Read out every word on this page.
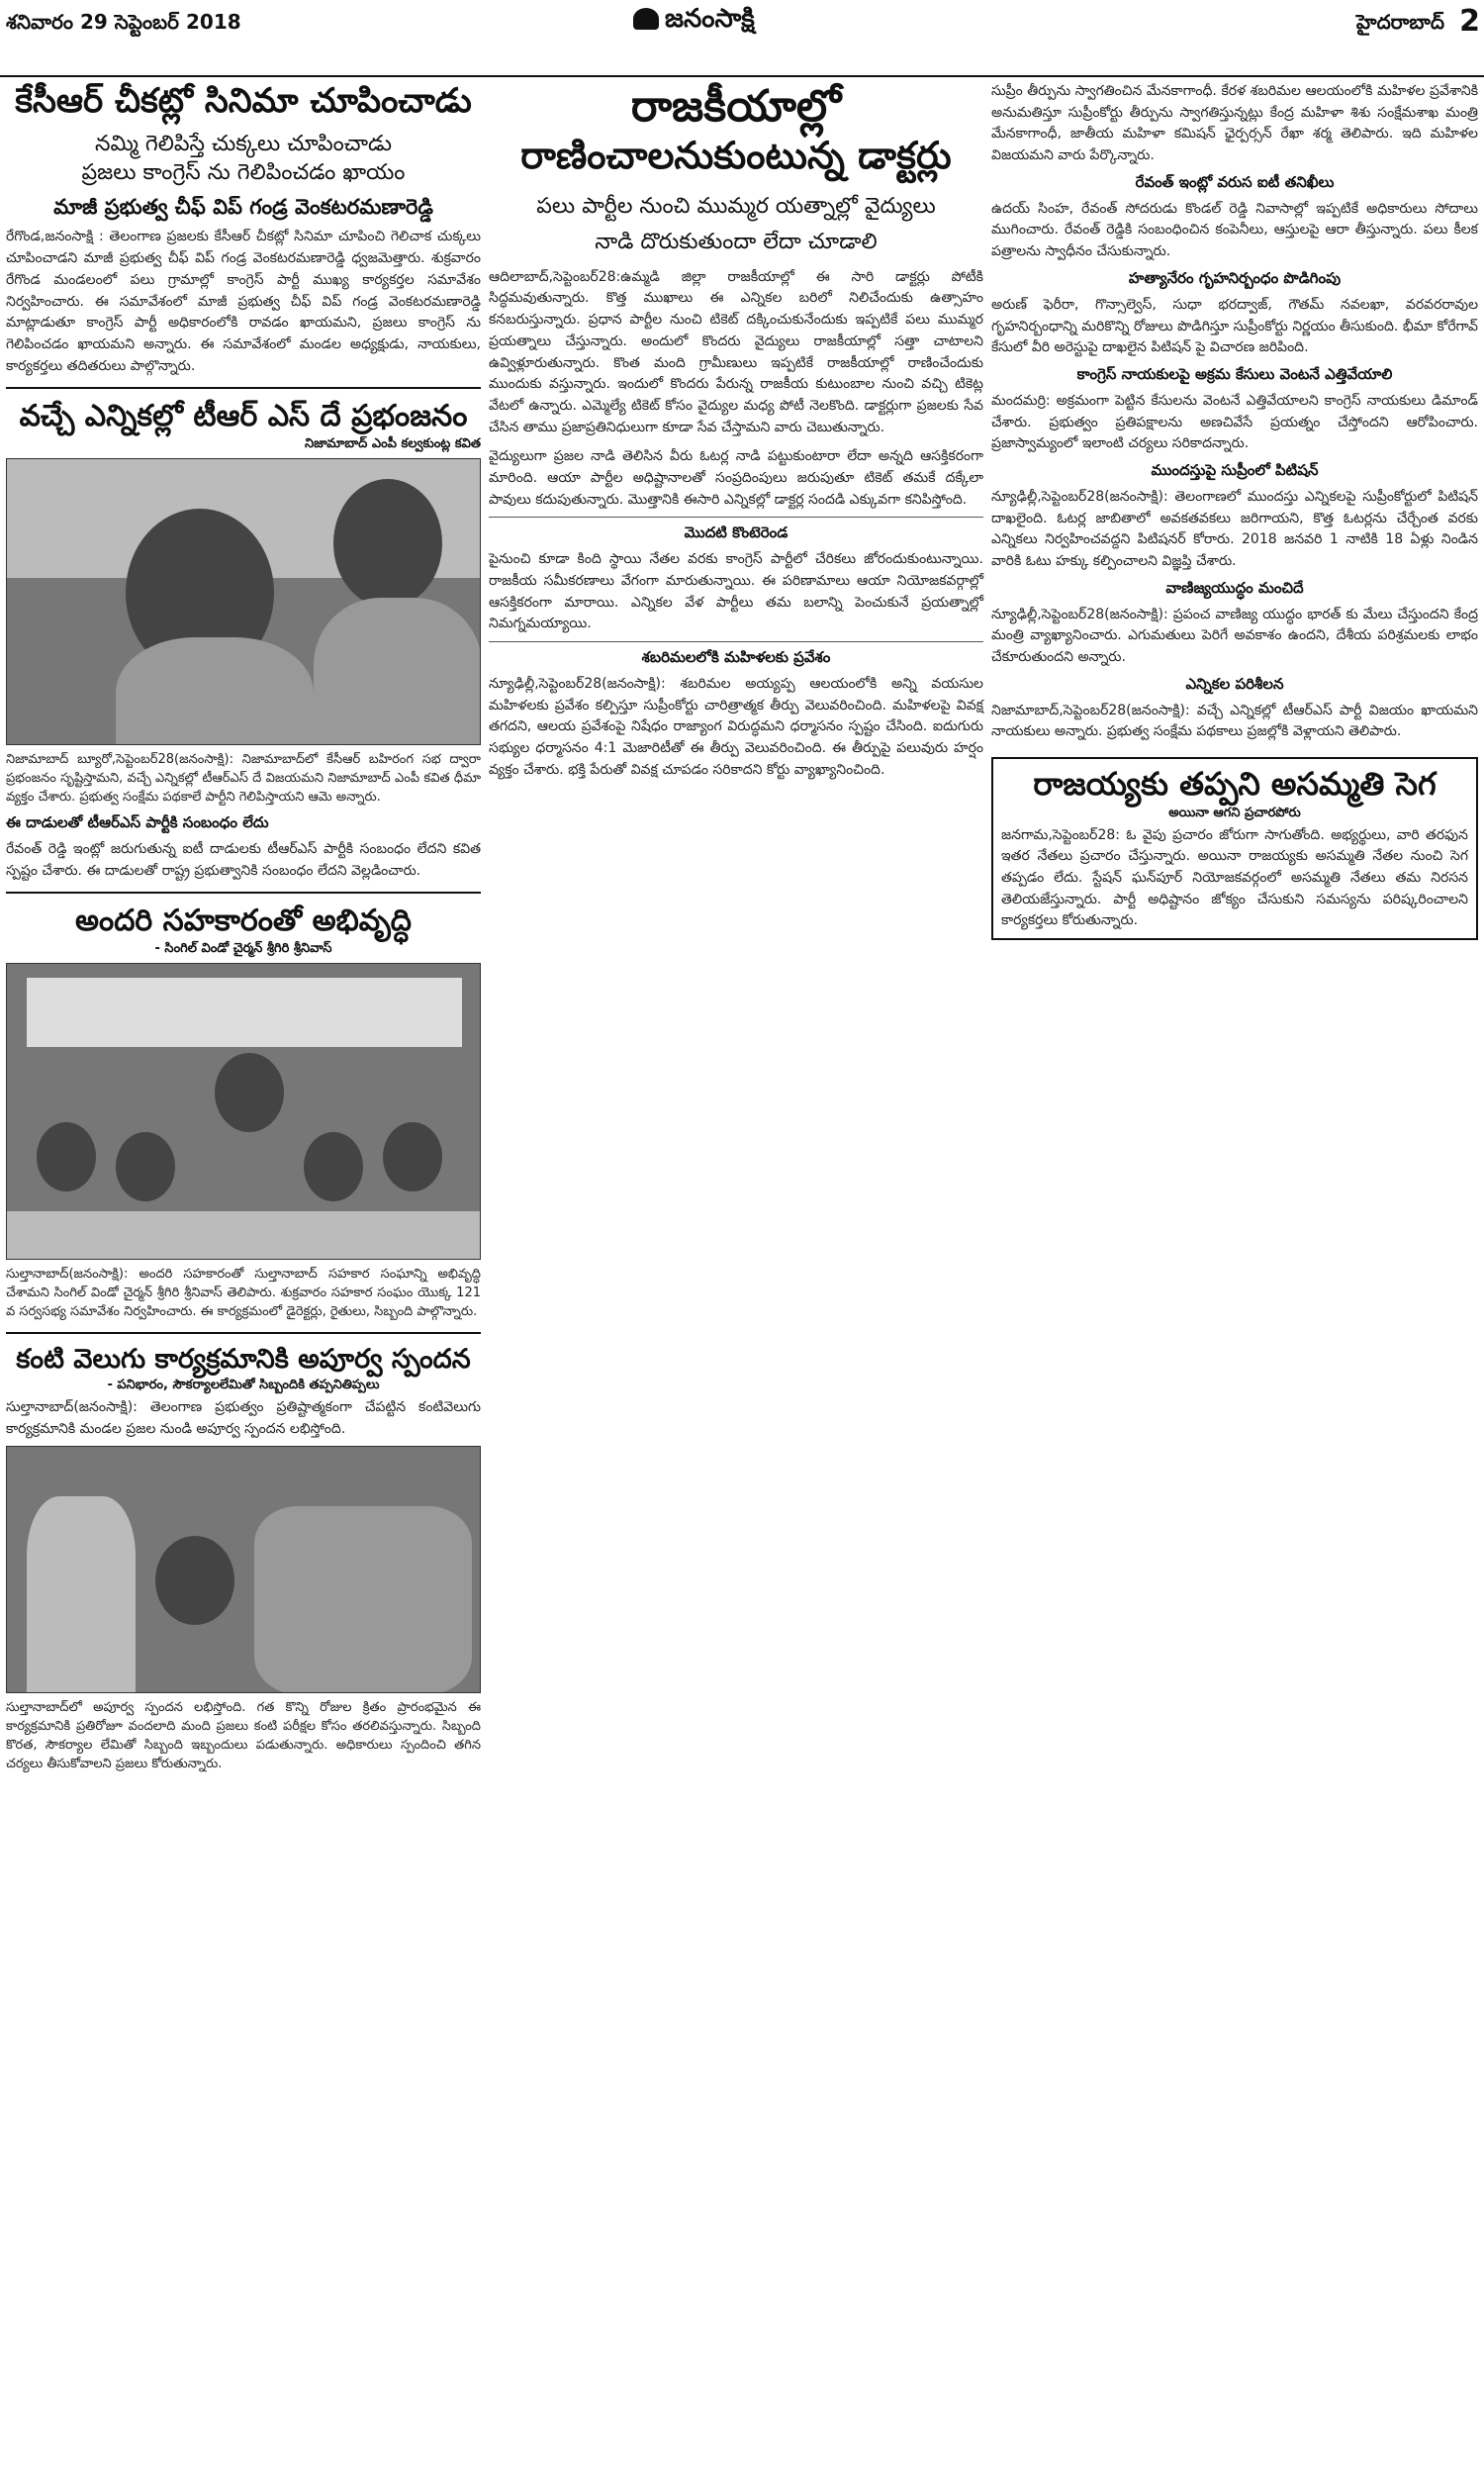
శనివారం 29 సెప్టెంబర్ 2018	జనంసాక్షి	హైదరాబాద్ 2
కేసీఆర్ చీకట్లో సినిమా చూపించాడు
నమ్మి గెలిపిస్తే చుక్కలు చూపించాడు
ప్రజలు కాంగ్రెస్ ను గెలిపించడం ఖాయం
మాజీ ప్రభుత్వ చీఫ్ విప్ గండ్ర వెంకటరమణారెడ్డి
రేగొండ,జనంసాక్షి : తెలంగాణ ప్రజలకు కేసీఆర్ చీకట్లో సినిమా చూపించి గెలిచాక చుక్కలు చూపించాడని మాజీ ప్రభుత్వ చీఫ్ విప్ గండ్ర వెంకటరమణారెడ్డి ధ్వజమెత్తారు. శుక్రవారం రేగొండ మండలంలో పలు గ్రామాల్లో కాంగ్రెస్ పార్టీ ముఖ్య కార్యకర్తల సమావేశం నిర్వహించారు. ఈ సమావేశంలో మాజీ ప్రభుత్వ చీఫ్ విప్ గండ్ర వెంకటరమణారెడ్డి మాట్లాడుతూ కాంగ్రెస్ పార్టీ అధికారంలోకి రావడం ఖాయమని, ప్రజలు కాంగ్రెస్ ను గెలిపించడం ఖాయమని అన్నారు. ఈ సమావేశంలో మండల అధ్యక్షుడు, నాయకులు, కార్యకర్తలు తదితరులు పాల్గొన్నారు.
వచ్చే ఎన్నికల్లో టీఆర్ ఎస్ దే ప్రభంజనం
నిజామాబాద్ ఎంపీ కల్వకుంట్ల కవిత
నిజామాబాద్ బ్యూరో,సెప్టెంబర్28(జనంసాక్షి): నిజామాబాద్‌లో కేసీఆర్ బహిరంగ సభ ద్వారా ప్రభంజనం సృష్టిస్తామని, వచ్చే ఎన్నికల్లో టీఆర్ఎస్ దే విజయమని నిజామాబాద్ ఎంపీ కవిత ధీమా వ్యక్తం చేశారు. ప్రభుత్వ సంక్షేమ పథకాలే పార్టీని గెలిపిస్తాయని ఆమె అన్నారు.
ఈ దాడులతో టీఆర్ఎస్ పార్టీకి సంబంధం లేదు
రేవంత్ రెడ్డి ఇంట్లో జరుగుతున్న ఐటీ దాడులకు టీఆర్ఎస్ పార్టీకి సంబంధం లేదని కవిత స్పష్టం చేశారు. ఈ దాడులతో రాష్ట్ర ప్రభుత్వానికి సంబంధం లేదని వెల్లడించారు.
అందరి సహకారంతో అభివృద్ధి
- సింగిల్ విండో చైర్మన్ శ్రీగిరి శ్రీనివాస్
సుల్తానాబాద్(జనంసాక్షి): అందరి సహకారంతో సుల్తానాబాద్ సహకార సంఘాన్ని అభివృద్ధి చేశామని సింగిల్ విండో చైర్మన్ శ్రీగిరి శ్రీనివాస్ తెలిపారు. శుక్రవారం సహకార సంఘం యొక్క 121 వ సర్వసభ్య సమావేశం నిర్వహించారు. ఈ కార్యక్రమంలో డైరెక్టర్లు, రైతులు, సిబ్బంది పాల్గొన్నారు.
కంటి వెలుగు కార్యక్రమానికి అపూర్వ స్పందన
- పనిభారం, సౌకర్యాలలేమితో సిబ్బందికి తప్పనితిప్పలు
సుల్తానాబాద్(జనంసాక్షి): తెలంగాణ ప్రభుత్వం ప్రతిష్టాత్మకంగా చేపట్టిన కంటివెలుగు కార్యక్రమానికి మండల ప్రజల నుండి అపూర్వ స్పందన లభిస్తోంది.
సుల్తానాబాద్‌లో అపూర్వ స్పందన లభిస్తోంది. గత కొన్ని రోజుల క్రితం ప్రారంభమైన ఈ కార్యక్రమానికి ప్రతిరోజూ వందలాది మంది ప్రజలు కంటి పరీక్షల కోసం తరలివస్తున్నారు. సిబ్బంది కొరత, సౌకర్యాల లేమితో సిబ్బంది ఇబ్బందులు పడుతున్నారు. అధికారులు స్పందించి తగిన చర్యలు తీసుకోవాలని ప్రజలు కోరుతున్నారు.
రాజకీయాల్లో
రాణించాలనుకుంటున్న డాక్టర్లు
పలు పార్టీల నుంచి ముమ్మర యత్నాల్లో వైద్యులు
నాడి దొరుకుతుందా లేదా చూడాలి
ఆదిలాబాద్,సెప్టెంబర్28:ఉమ్మడి జిల్లా రాజకీయాల్లో ఈ సారి డాక్టర్లు పోటీకి సిద్ధమవుతున్నారు. కొత్త ముఖాలు ఈ ఎన్నికల బరిలో నిలిచేందుకు ఉత్సాహం కనబరుస్తున్నారు. ప్రధాన పార్టీల నుంచి టికెట్ దక్కించుకునేందుకు ఇప్పటికే పలు ముమ్మర ప్రయత్నాలు చేస్తున్నారు. అందులో కొందరు వైద్యులు రాజకీయాల్లో సత్తా చాటాలని ఉవ్విళ్లూరుతున్నారు. కొంత మంది గ్రామీణులు ఇప్పటికే రాజకీయాల్లో రాణించేందుకు ముందుకు వస్తున్నారు. ఇందులో కొందరు పేరున్న రాజకీయ కుటుంబాల నుంచి వచ్చి టికెట్ల వేటలో ఉన్నారు. ఎమ్మెల్యే టికెట్ కోసం వైద్యుల మధ్య పోటీ నెలకొంది. డాక్టర్లుగా ప్రజలకు సేవ చేసిన తాము ప్రజాప్రతినిధులుగా కూడా సేవ చేస్తామని వారు చెబుతున్నారు.
వైద్యులుగా ప్రజల నాడి తెలిసిన వీరు ఓటర్ల నాడి పట్టుకుంటారా లేదా అన్నది ఆసక్తికరంగా మారింది. ఆయా పార్టీల అధిష్టానాలతో సంప్రదింపులు జరుపుతూ టికెట్ తమకే దక్కేలా పావులు కదుపుతున్నారు. మొత్తానికి ఈసారి ఎన్నికల్లో డాక్టర్ల సందడి ఎక్కువగా కనిపిస్తోంది.
మొదటి కొంటెరెండ
పైనుంచి కూడా కింది స్థాయి నేతల వరకు కాంగ్రెస్ పార్టీలో చేరికలు జోరందుకుంటున్నాయి. రాజకీయ సమీకరణాలు వేగంగా మారుతున్నాయి. ఈ పరిణామాలు ఆయా నియోజకవర్గాల్లో ఆసక్తికరంగా మారాయి. ఎన్నికల వేళ పార్టీలు తమ బలాన్ని పెంచుకునే ప్రయత్నాల్లో నిమగ్నమయ్యాయి.
శబరిమలలోకి మహిళలకు ప్రవేశం
న్యూఢిల్లీ,సెప్టెంబర్28(జనంసాక్షి): శబరిమల అయ్యప్ప ఆలయంలోకి అన్ని వయసుల మహిళలకు ప్రవేశం కల్పిస్తూ సుప్రీంకోర్టు చారిత్రాత్మక తీర్పు వెలువరించింది. మహిళలపై వివక్ష తగదని, ఆలయ ప్రవేశంపై నిషేధం రాజ్యాంగ విరుద్ధమని ధర్మాసనం స్పష్టం చేసింది. ఐదుగురు సభ్యుల ధర్మాసనం 4:1 మెజారిటీతో ఈ తీర్పు వెలువరించింది. ఈ తీర్పుపై పలువురు హర్షం వ్యక్తం చేశారు. భక్తి పేరుతో వివక్ష చూపడం సరికాదని కోర్టు వ్యాఖ్యానించింది.
సుప్రీం తీర్పును స్వాగతించిన మేనకాగాంధీ. కేరళ శబరిమల ఆలయంలోకి మహిళల ప్రవేశానికి అనుమతిస్తూ సుప్రీంకోర్టు తీర్పును స్వాగతిస్తున్నట్లు కేంద్ర మహిళా శిశు సంక్షేమశాఖ మంత్రి మేనకాగాంధీ, జాతీయ మహిళా కమిషన్ ఛైర్పర్సన్ రేఖా శర్మ తెలిపారు. ఇది మహిళల విజయమని వారు పేర్కొన్నారు.
రేవంత్ ఇంట్లో వరుస ఐటీ తనిఖీలు
ఉదయ్ సింహ, రేవంత్ సోదరుడు కొండల్ రెడ్డి నివాసాల్లో ఇప్పటికే అధికారులు సోదాలు ముగించారు. రేవంత్ రెడ్డికి సంబంధించిన కంపెనీలు, ఆస్తులపై ఆరా తీస్తున్నారు. పలు కీలక పత్రాలను స్వాధీనం చేసుకున్నారు.
హత్యానేరం గృహనిర్బంధం పొడిగింపు
అరుణ్ ఫెరీరా, గొన్సాల్వెస్, సుధా భరద్వాజ్, గౌతమ్ నవలఖా, వరవరరావుల గృహనిర్బంధాన్ని మరికొన్ని రోజులు పొడిగిస్తూ సుప్రీంకోర్టు నిర్ణయం తీసుకుంది. భీమా కోరేగావ్ కేసులో వీరి అరెస్టుపై దాఖలైన పిటిషన్ పై విచారణ జరిపింది.
కాంగ్రెస్ నాయకులపై అక్రమ కేసులు వెంటనే ఎత్తివేయాలి
మందమర్రి: అక్రమంగా పెట్టిన కేసులను వెంటనే ఎత్తివేయాలని కాంగ్రెస్ నాయకులు డిమాండ్ చేశారు. ప్రభుత్వం ప్రతిపక్షాలను అణచివేసే ప్రయత్నం చేస్తోందని ఆరోపించారు. ప్రజాస్వామ్యంలో ఇలాంటి చర్యలు సరికాదన్నారు.
ముందస్తుపై సుప్రీంలో పిటిషన్
న్యూఢిల్లీ,సెప్టెంబర్28(జనంసాక్షి): తెలంగాణలో ముందస్తు ఎన్నికలపై సుప్రీంకోర్టులో పిటిషన్ దాఖలైంది. ఓటర్ల జాబితాలో అవకతవకలు జరిగాయని, కొత్త ఓటర్లను చేర్చేంత వరకు ఎన్నికలు నిర్వహించవద్దని పిటిషనర్ కోరారు. 2018 జనవరి 1 నాటికి 18 ఏళ్లు నిండిన వారికి ఓటు హక్కు కల్పించాలని విజ్ఞప్తి చేశారు.
వాణిజ్యయుద్ధం మంచిదే
న్యూఢిల్లీ,సెప్టెంబర్28(జనంసాక్షి): ప్రపంచ వాణిజ్య యుద్ధం భారత్ కు మేలు చేస్తుందని కేంద్ర మంత్రి వ్యాఖ్యానించారు. ఎగుమతులు పెరిగే అవకాశం ఉందని, దేశీయ పరిశ్రమలకు లాభం చేకూరుతుందని అన్నారు.
ఎన్నికల పరిశీలన
నిజామాబాద్,సెప్టెంబర్28(జనంసాక్షి): వచ్చే ఎన్నికల్లో టీఆర్ఎస్ పార్టీ విజయం ఖాయమని నాయకులు అన్నారు. ప్రభుత్వ సంక్షేమ పథకాలు ప్రజల్లోకి వెళ్లాయని తెలిపారు.
రాజయ్యకు తప్పని అసమ్మతి సెగ
అయినా ఆగని ప్రచారపోరు
జనగామ,సెప్టెంబర్28: ఓ వైపు ప్రచారం జోరుగా సాగుతోంది. అభ్యర్థులు, వారి తరఫున ఇతర నేతలు ప్రచారం చేస్తున్నారు. అయినా రాజయ్యకు అసమ్మతి నేతల నుంచి సెగ తప్పడం లేదు. స్టేషన్ ఘన్‌పూర్ నియోజకవర్గంలో అసమ్మతి నేతలు తమ నిరసన తెలియజేస్తున్నారు. పార్టీ అధిష్టానం జోక్యం చేసుకుని సమస్యను పరిష్కరించాలని కార్యకర్తలు కోరుతున్నారు.
